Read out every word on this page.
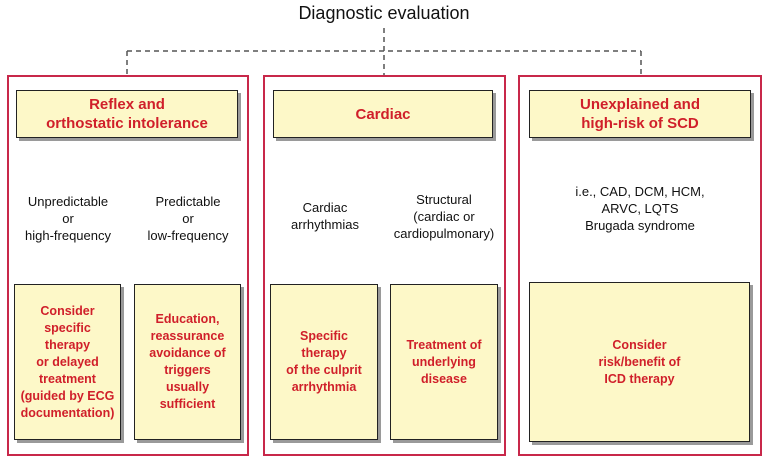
Diagnostic evaluation
Reflex and
orthostatic intolerance
Cardiac
Unexplained and
high-risk of SCD
Unpredictable
or
high-frequency
Predictable
or
low-frequency
Cardiac
arrhythmias
Structural
(cardiac or
cardiopulmonary)
i.e., CAD, DCM, HCM,
ARVC, LQTS
Brugada syndrome
Consider
specific
therapy
or delayed
treatment
(guided by ECG
documentation)
Education,
reassurance
avoidance of
triggers
usually
sufficient
Specific
therapy
of the culprit
arrhythmia
Treatment of
underlying
disease
Consider
risk/benefit of
ICD therapy
